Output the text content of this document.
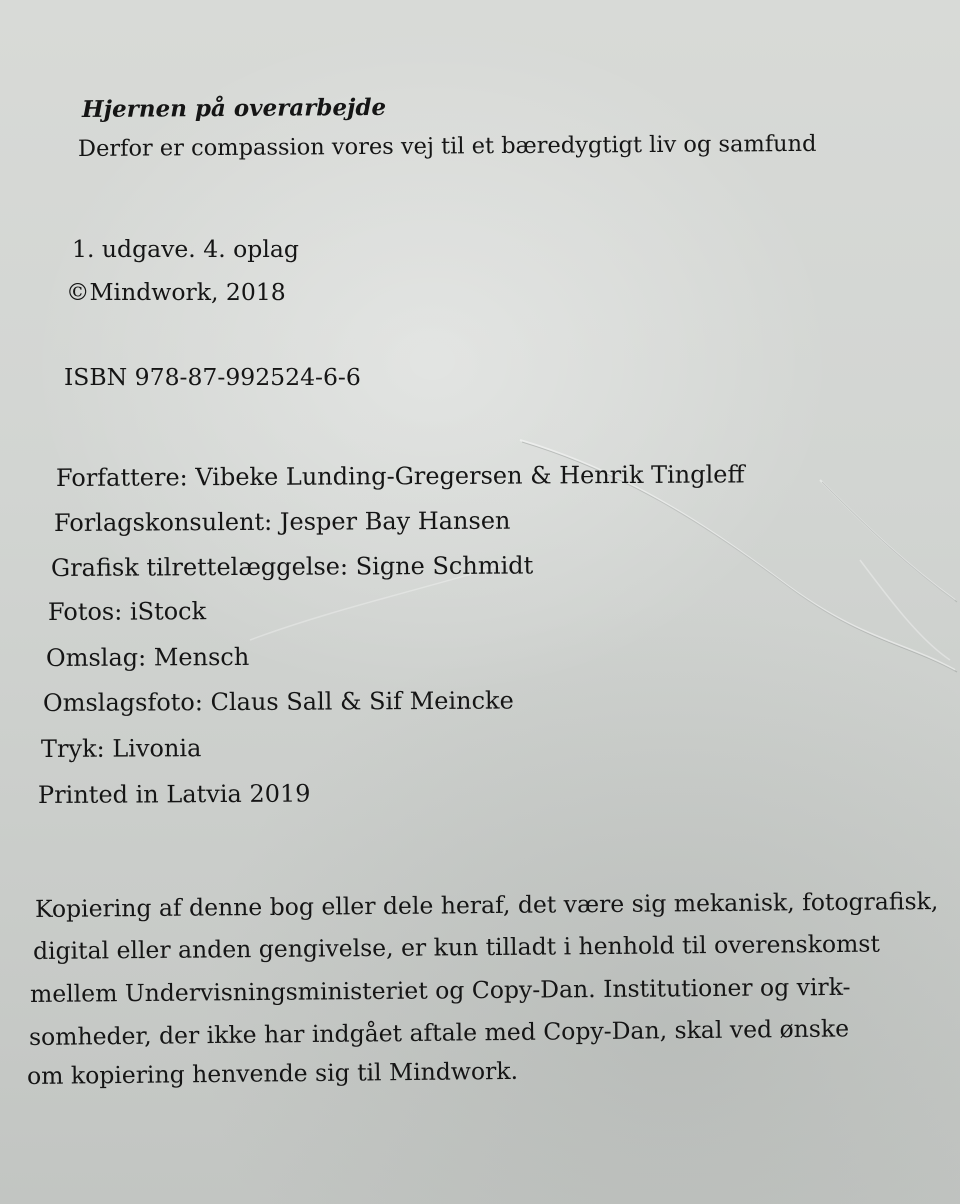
Hjernen på overarbejde

Derfor er compassion vores vej til et bæredygtigt liv og samfund

1. udgave. 4. oplag

©Mindwork, 2018

ISBN 978-87-992524-6-6

Forfattere: Vibeke Lunding-Gregersen & Henrik Tingleff

Forlagskonsulent: Jesper Bay Hansen

Grafisk tilrettelæggelse: Signe Schmidt

Fotos: iStock

Omslag: Mensch

Omslagsfoto: Claus Sall & Sif Meincke

Tryk: Livonia

Printed in Latvia 2019

Kopiering af denne bog eller dele heraf, det være sig mekanisk, fotografisk,

digital eller anden gengivelse, er kun tilladt i henhold til overenskomst

mellem Undervisningsministeriet og Copy-Dan. Institutioner og virk-

somheder, der ikke har indgået aftale med Copy-Dan, skal ved ønske

om kopiering henvende sig til Mindwork.
